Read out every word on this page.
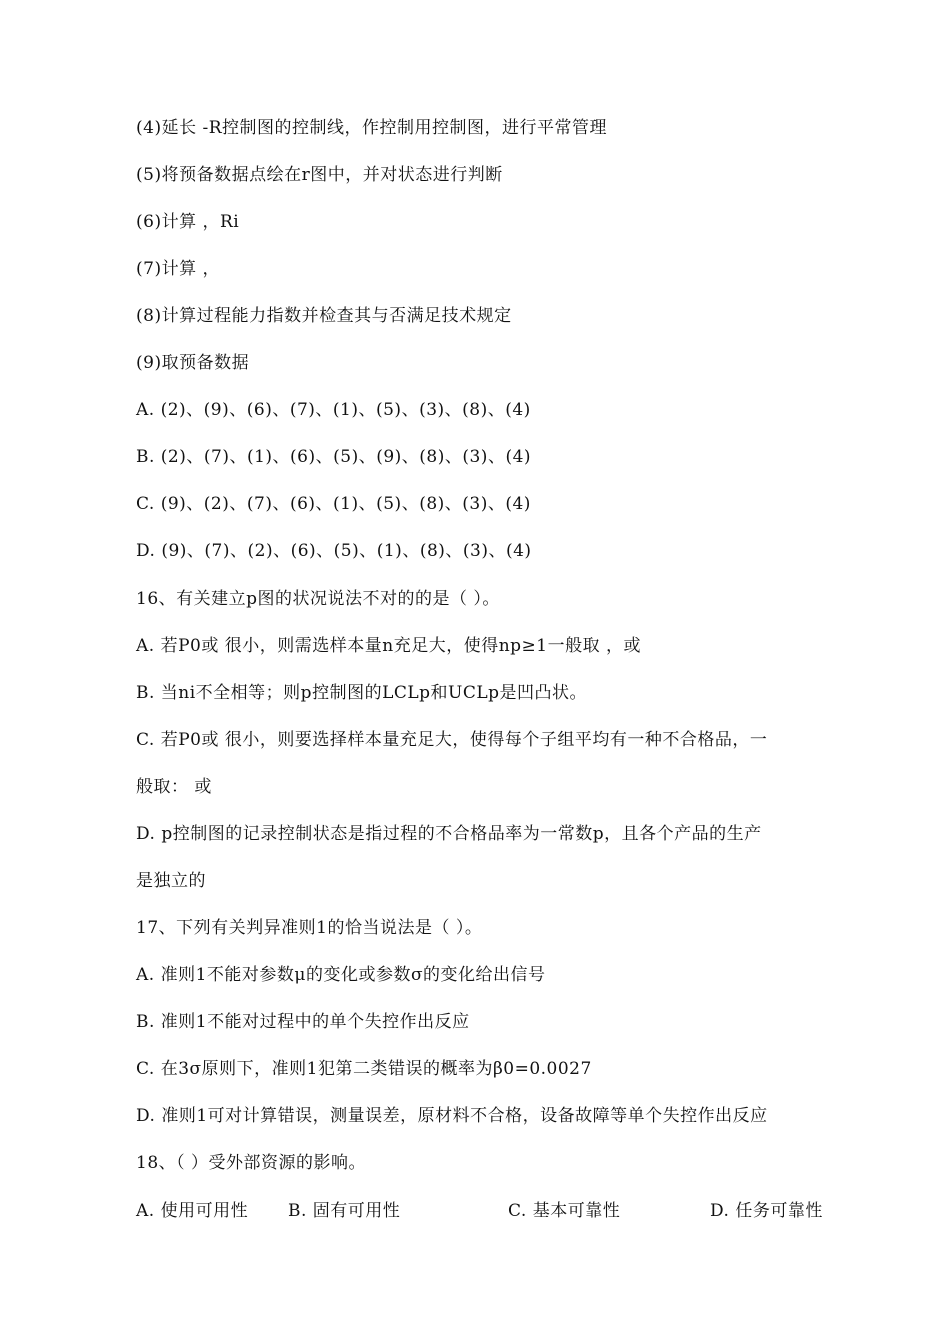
(4)延长 -R控制图的控制线，作控制用控制图，进行平常管理
(5)将预备数据点绘在r图中，并对状态进行判断
(6)计算 ，Ri
(7)计算 ，
(8)计算过程能力指数并检查其与否满足技术规定
(9)取预备数据
A. (2)、(9)、(6)、(7)、(1)、(5)、(3)、(8)、(4)
B. (2)、(7)、(1)、(6)、(5)、(9)、(8)、(3)、(4)
C. (9)、(2)、(7)、(6)、(1)、(5)、(8)、(3)、(4)
D. (9)、(7)、(2)、(6)、(5)、(1)、(8)、(3)、(4)
16、有关建立p图的状况说法不对的的是（ ）。
A. 若P0或 很小，则需选样本量n充足大，使得np≥1一般取 ，或
B. 当ni不全相等；则p控制图的LCLp和UCLp是凹凸状。
C. 若P0或 很小，则要选择样本量充足大，使得每个子组平均有一种不合格品，一
般取： 或
D. p控制图的记录控制状态是指过程的不合格品率为一常数p，且各个产品的生产
是独立的
17、下列有关判异准则1的恰当说法是（ ）。
A. 准则1不能对参数μ的变化或参数σ的变化给出信号
B. 准则1不能对过程中的单个失控作出反应
C. 在3σ原则下，准则1犯第二类错误的概率为β0=0.0027
D. 准则1可对计算错误，测量误差，原材料不合格，设备故障等单个失控作出反应
18、（ ）受外部资源的影响。
A. 使用可用性	B. 固有可用性	C. 基本可靠性	D. 任务可靠性
